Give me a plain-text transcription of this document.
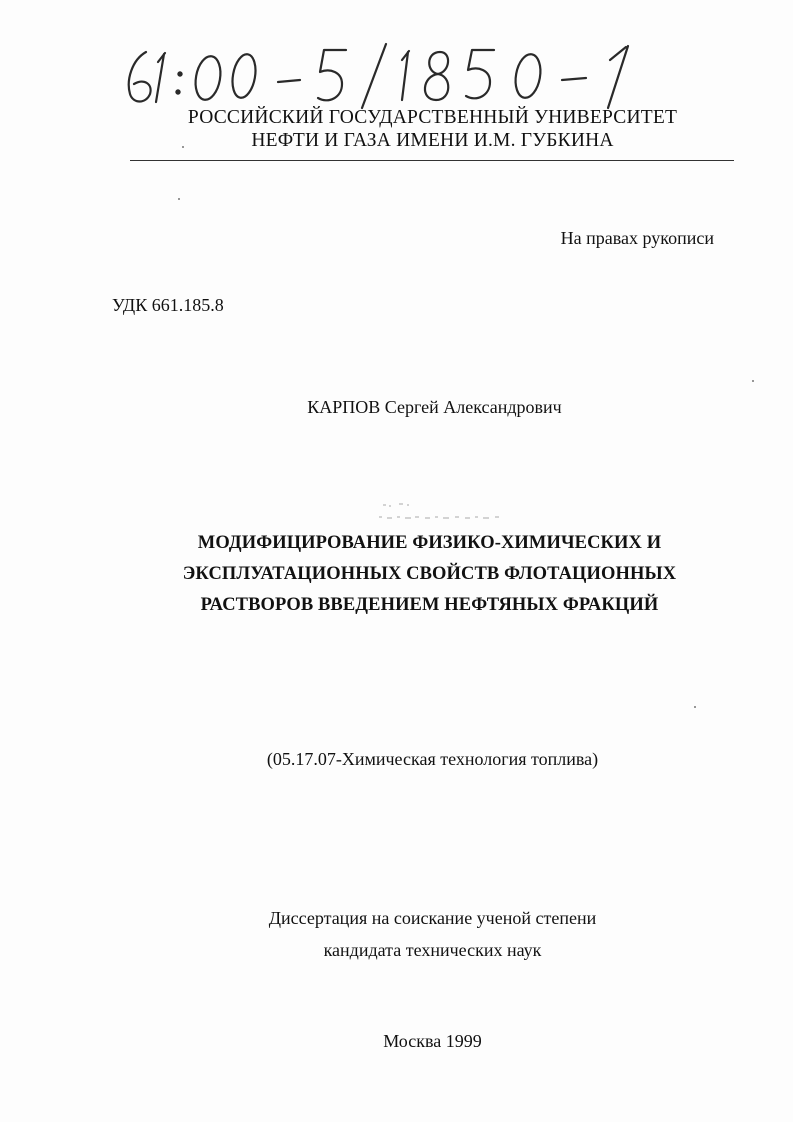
РОССИЙСКИЙ ГОСУДАРСТВЕННЫЙ УНИВЕРСИТЕТ
НЕФТИ И ГАЗА ИМЕНИ И.М. ГУБКИНА
На правах рукописи
УДК 661.185.8
КАРПОВ Сергей Александрович
МОДИФИЦИРОВАНИЕ ФИЗИКО-ХИМИЧЕСКИХ И
ЭКСПЛУАТАЦИОННЫХ СВОЙСТВ ФЛОТАЦИОННЫХ
РАСТВОРОВ ВВЕДЕНИЕМ НЕФТЯНЫХ ФРАКЦИЙ
(05.17.07-Химическая технология топлива)
Диссертация на соискание ученой степени
кандидата технических наук
Москва 1999
